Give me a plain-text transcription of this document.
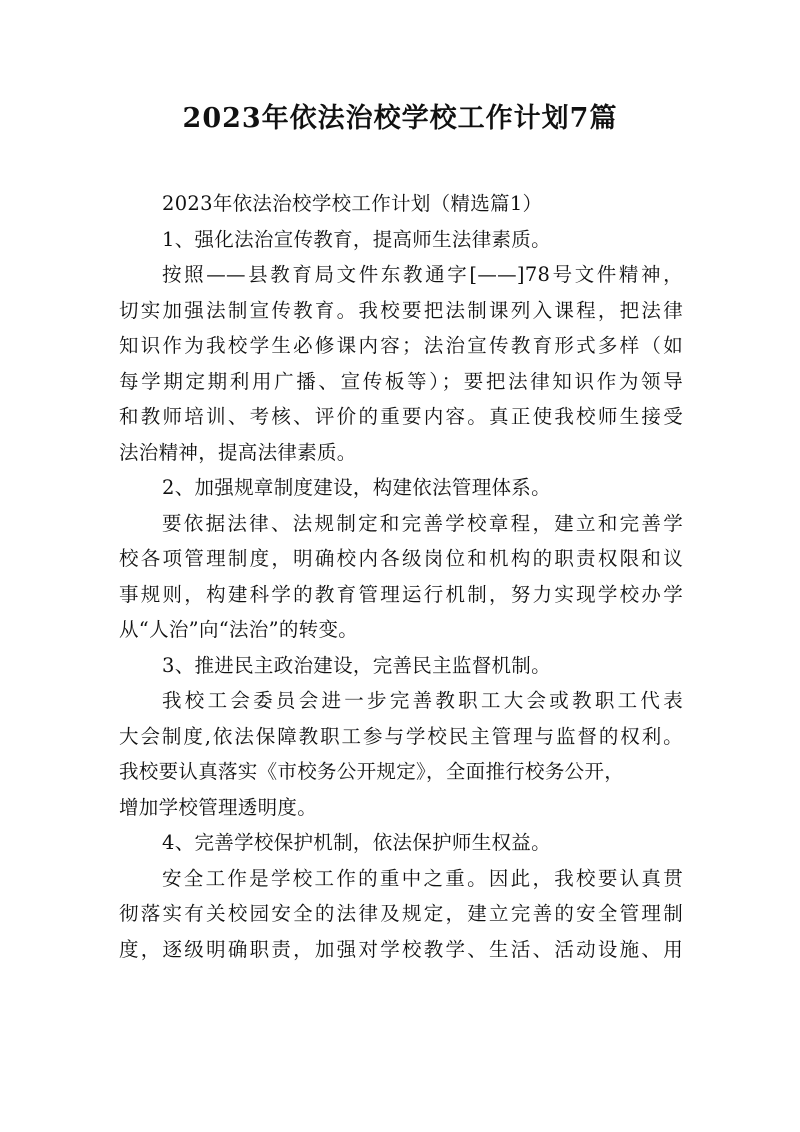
2023年依法治校学校工作计划7篇
2023年依法治校学校工作计划（精选篇1）
1、强化法治宣传教育，提高师生法律素质。
按照——县教育局文件东教通字[——]78号文件精神，
切实加强法制宣传教育。我校要把法制课列入课程，把法律
知识作为我校学生必修课内容；法治宣传教育形式多样（如
每学期定期利用广播、宣传板等）；要把法律知识作为领导
和教师培训、考核、评价的重要内容。真正使我校师生接受
法治精神，提高法律素质。
2、加强规章制度建设，构建依法管理体系。
要依据法律、法规制定和完善学校章程，建立和完善学
校各项管理制度，明确校内各级岗位和机构的职责权限和议
事规则，构建科学的教育管理运行机制，努力实现学校办学
从“人治”向“法治”的转变。
3、推进民主政治建设，完善民主监督机制。
我校工会委员会进一步完善教职工大会或教职工代表
大会制度,依法保障教职工参与学校民主管理与监督的权利。
我校要认真落实《市校务公开规定》，全面推行校务公开，
增加学校管理透明度。
4、完善学校保护机制，依法保护师生权益。
安全工作是学校工作的重中之重。因此，我校要认真贯
彻落实有关校园安全的法律及规定，建立完善的安全管理制
度，逐级明确职责，加强对学校教学、生活、活动设施、用
